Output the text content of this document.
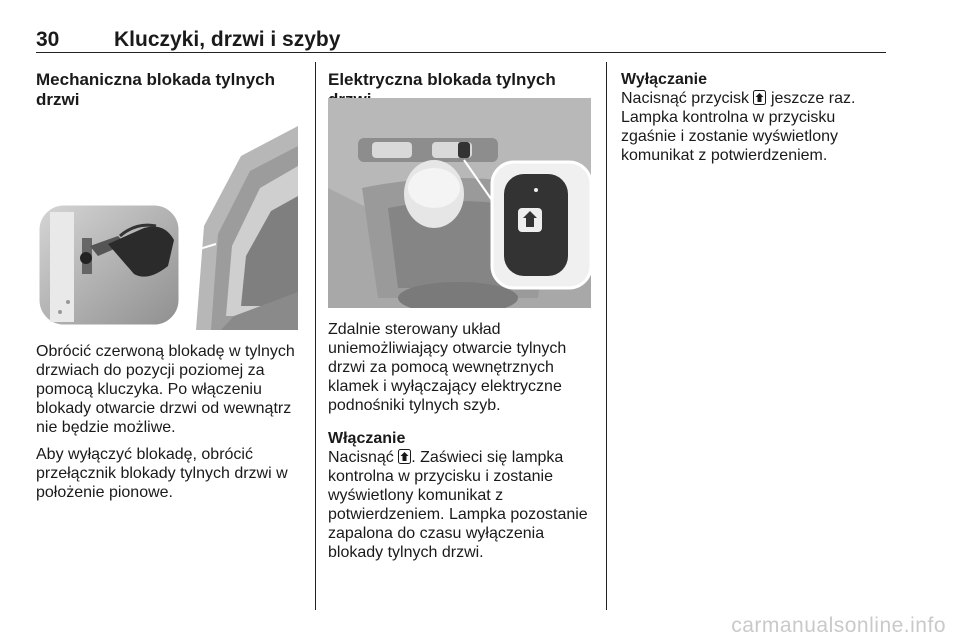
30	Kluczyki, drzwi i szyby
Mechaniczna blokada tylnych drzwi

Obrócić czerwoną blokadę w tylnych drzwiach do pozycji poziomej za pomocą kluczyka. Po włączeniu blokady otwarcie drzwi od wewnątrz nie będzie możliwe.

Aby wyłączyć blokadę, obrócić przełącznik blokady tylnych drzwi w położenie pionowe.

Elektryczna blokada tylnych

Zdalnie sterowany układ uniemożliwiający otwarcie tylnych drzwi za pomocą wewnętrznych klamek i wyłączający elektryczne podnośniki tylnych szyb.

Włączanie

Nacisnąć . Zaświeci się lampka kontrolna w przycisku i zostanie wyświetlony komunikat z potwierdzeniem. Lampka pozostanie zapalona do czasu wyłączenia blokady tylnych drzwi.

Wyłączanie

Nacisnąć przycisk jeszcze raz. Lampka kontrolna w przycisku zgaśnie i zostanie wyświetlony komunikat z potwierdzeniem.

carmanualsonline.info
